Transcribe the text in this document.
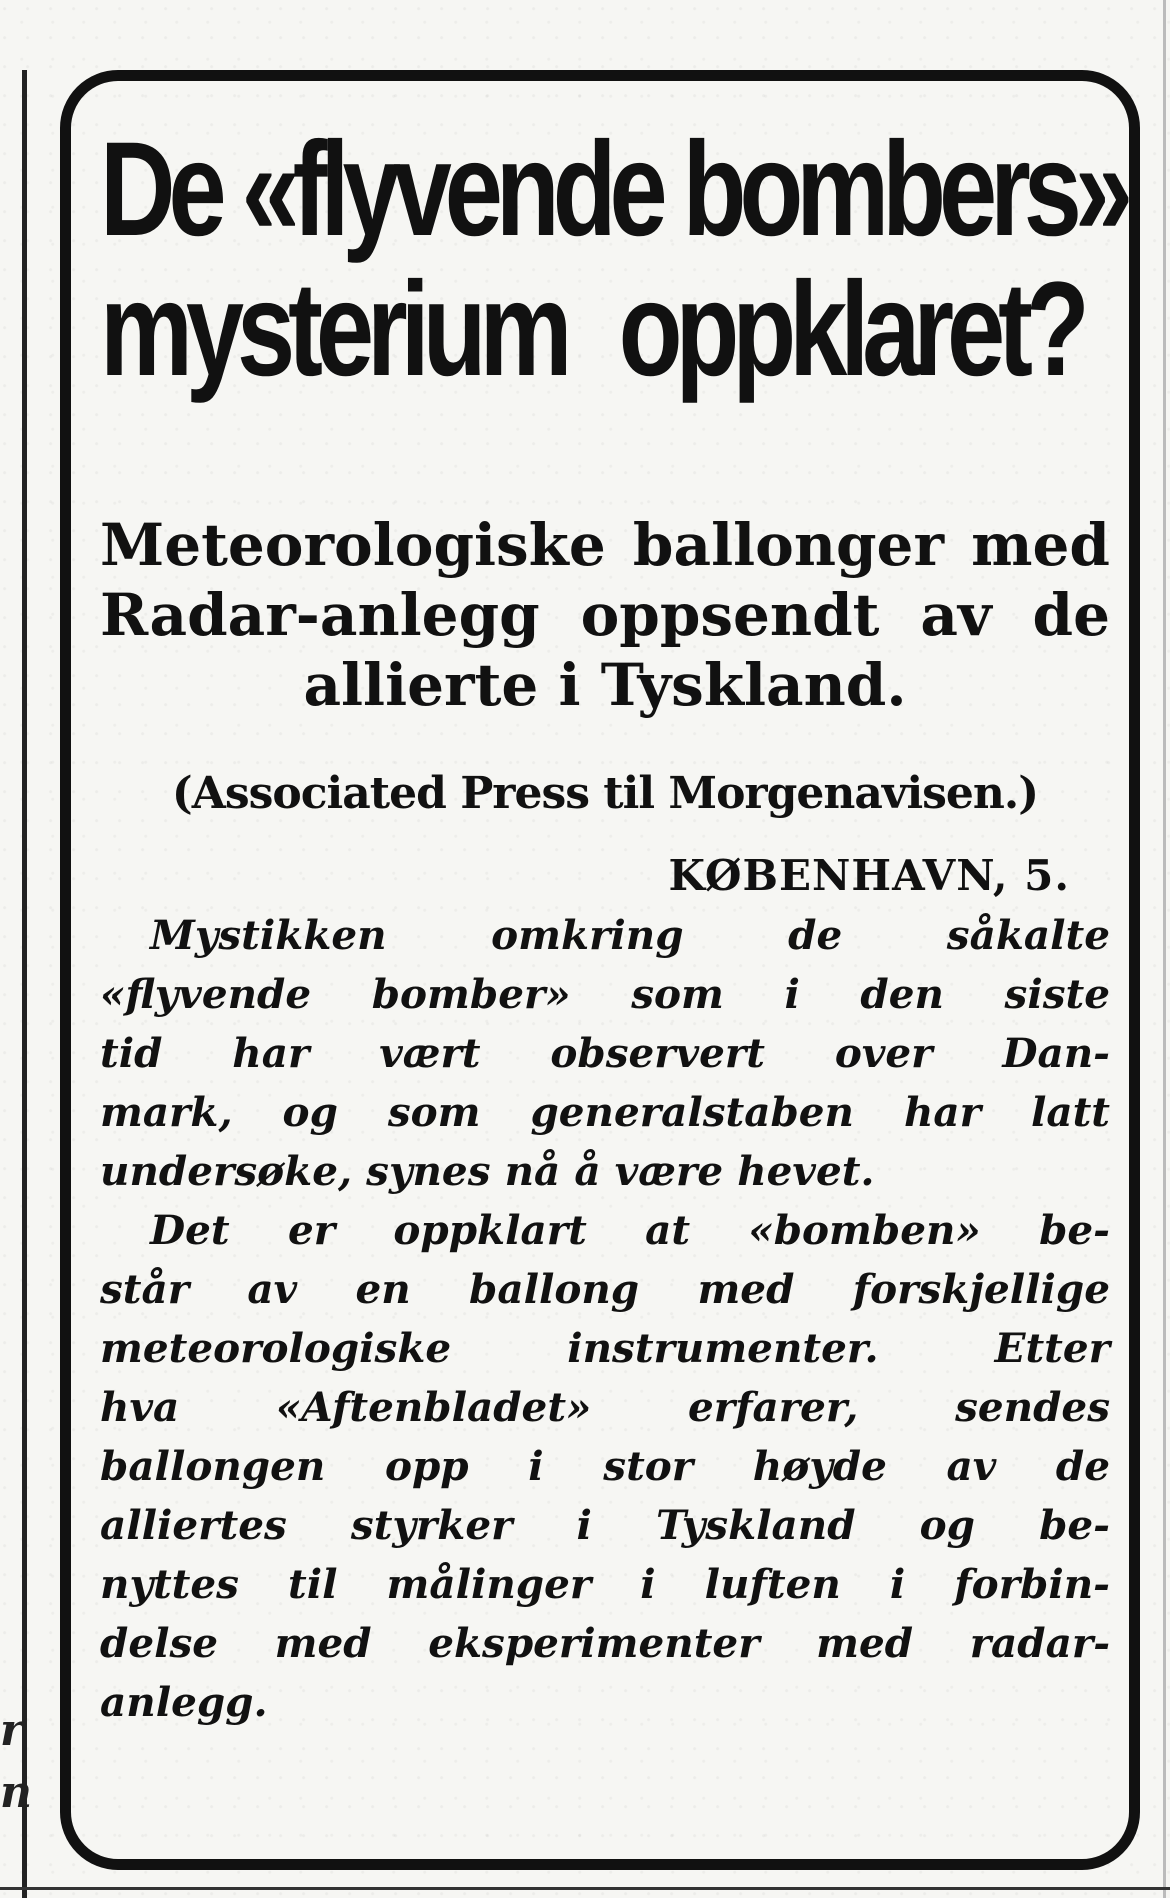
r
n
De «flyvende bombers»
mysterium oppklaret?
Meteorologiske ballonger med
Radar-anlegg oppsendt av de
allierte i Tyskland.
(Associated Press til Morgenavisen.)
KØBENHAVN, 5.
Mystikken omkring de såkalte
«flyvende bomber» som i den siste
tid har vært observert over Dan-
mark, og som generalstaben har latt
undersøke, synes nå å være hevet.
Det er oppklart at «bomben» be-
står av en ballong med forskjellige
meteorologiske instrumenter. Etter
hva «Aftenbladet» erfarer, sendes
ballongen opp i stor høyde av de
alliertes styrker i Tyskland og be-
nyttes til målinger i luften i forbin-
delse med eksperimenter med radar-
anlegg.
